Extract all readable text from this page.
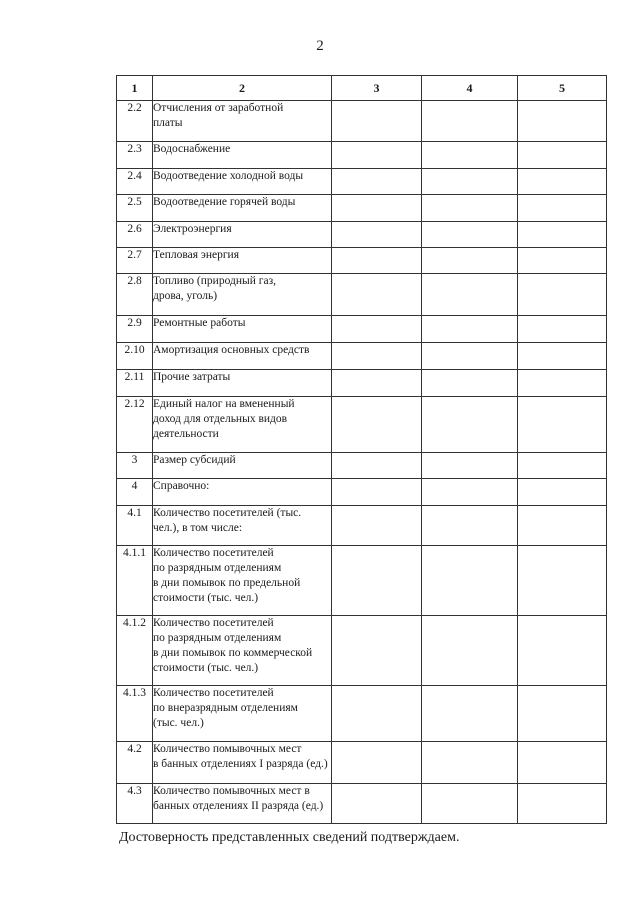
2
1	2	3	4	5
2.2	Отчисления от заработной
платы			
2.3	Водоснабжение			
2.4	Водоотведение холодной воды			
2.5	Водоотведение горячей воды			
2.6	Электроэнергия			
2.7	Тепловая энергия			
2.8	Топливо (природный газ,
дрова, уголь)			
2.9	Ремонтные работы			
2.10	Амортизация основных средств			
2.11	Прочие затраты			
2.12	Единый налог на вмененный
доход для отдельных видов
деятельности			
3	Размер субсидий			
4	Справочно:			
4.1	Количество посетителей (тыс.
чел.), в том числе:			
4.1.1	Количество посетителей
по разрядным отделениям
в дни помывок по предельной
стоимости (тыс. чел.)			
4.1.2	Количество посетителей
по разрядным отделениям
в дни помывок по коммерческой
стоимости (тыс. чел.)			
4.1.3	Количество посетителей
по внеразрядным отделениям
(тыс. чел.)			
4.2	Количество помывочных мест
в банных отделениях I разряда (ед.)			
4.3	Количество помывочных мест в
банных отделениях II разряда (ед.)			
Достоверность представленных сведений подтверждаем.
